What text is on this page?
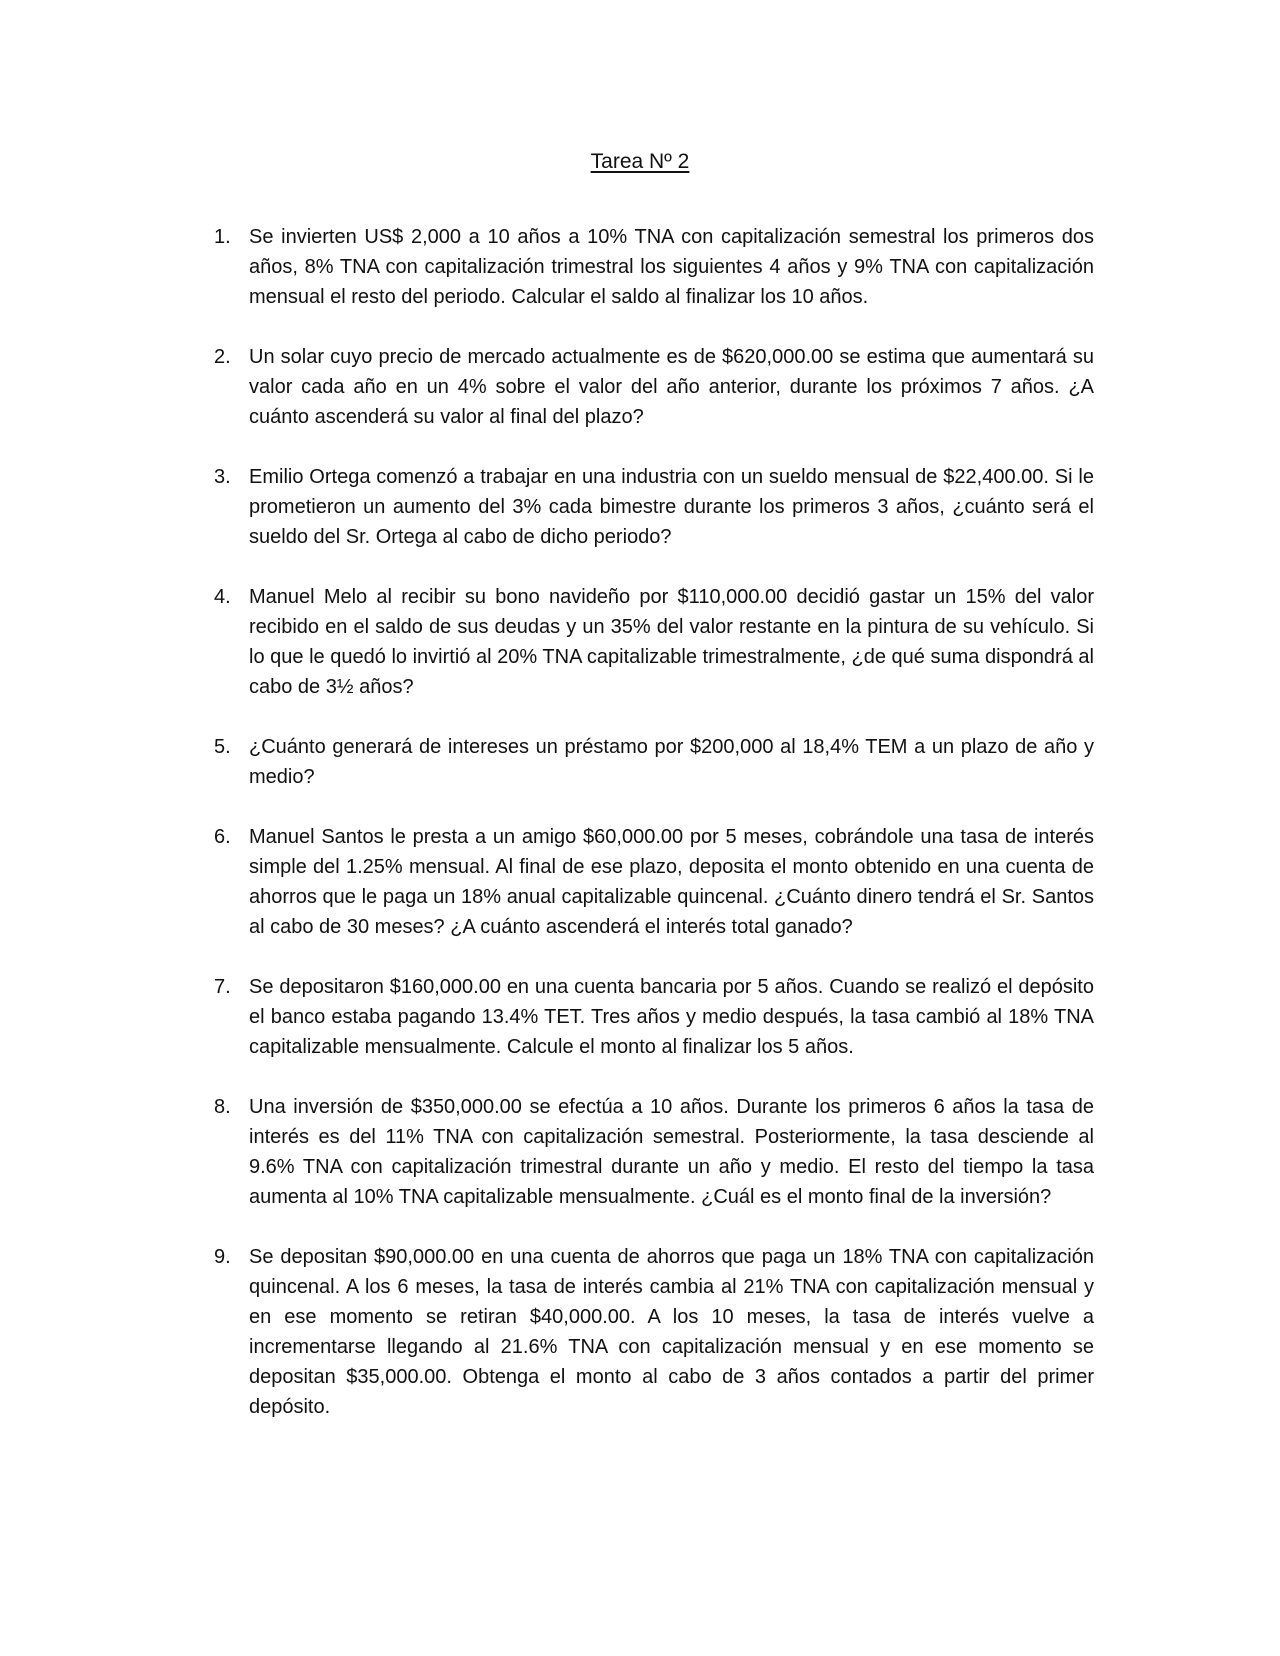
Tarea Nº 2
1. Se invierten US$ 2,000 a 10 años a 10% TNA con capitalización semestral los primeros dos años, 8% TNA con capitalización trimestral los siguientes 4 años y 9% TNA con capitalización mensual el resto del periodo. Calcular el saldo al finalizar los 10 años.
2. Un solar cuyo precio de mercado actualmente es de $620,000.00 se estima que aumentará su valor cada año en un 4% sobre el valor del año anterior, durante los próximos 7 años. ¿A cuánto ascenderá su valor al final del plazo?
3. Emilio Ortega comenzó a trabajar en una industria con un sueldo mensual de $22,400.00. Si le prometieron un aumento del 3% cada bimestre durante los primeros 3 años, ¿cuánto será el sueldo del Sr. Ortega al cabo de dicho periodo?
4. Manuel Melo al recibir su bono navideño por $110,000.00 decidió gastar un 15% del valor recibido en el saldo de sus deudas y un 35% del valor restante en la pintura de su vehículo. Si lo que le quedó lo invirtió al 20% TNA capitalizable trimestralmente, ¿de qué suma dispondrá al cabo de 3½ años?
5. ¿Cuánto generará de intereses un préstamo por $200,000 al 18,4% TEM a un plazo de año y medio?
6. Manuel Santos le presta a un amigo $60,000.00 por 5 meses, cobrándole una tasa de interés simple del 1.25% mensual. Al final de ese plazo, deposita el monto obtenido en una cuenta de ahorros que le paga un 18% anual capitalizable quincenal. ¿Cuánto dinero tendrá el Sr. Santos al cabo de 30 meses? ¿A cuánto ascenderá el interés total ganado?
7. Se depositaron $160,000.00 en una cuenta bancaria por 5 años. Cuando se realizó el depósito el banco estaba pagando 13.4% TET. Tres años y medio después, la tasa cambió al 18% TNA capitalizable mensualmente. Calcule el monto al finalizar los 5 años.
8. Una inversión de $350,000.00 se efectúa a 10 años. Durante los primeros 6 años la tasa de interés es del 11% TNA con capitalización semestral. Posteriormente, la tasa desciende al 9.6% TNA con capitalización trimestral durante un año y medio. El resto del tiempo la tasa aumenta al 10% TNA capitalizable mensualmente. ¿Cuál es el monto final de la inversión?
9. Se depositan $90,000.00 en una cuenta de ahorros que paga un 18% TNA con capitalización quincenal. A los 6 meses, la tasa de interés cambia al 21% TNA con capitalización mensual y en ese momento se retiran $40,000.00. A los 10 meses, la tasa de interés vuelve a incrementarse llegando al 21.6% TNA con capitalización mensual y en ese momento se depositan $35,000.00. Obtenga el monto al cabo de 3 años contados a partir del primer depósito.
